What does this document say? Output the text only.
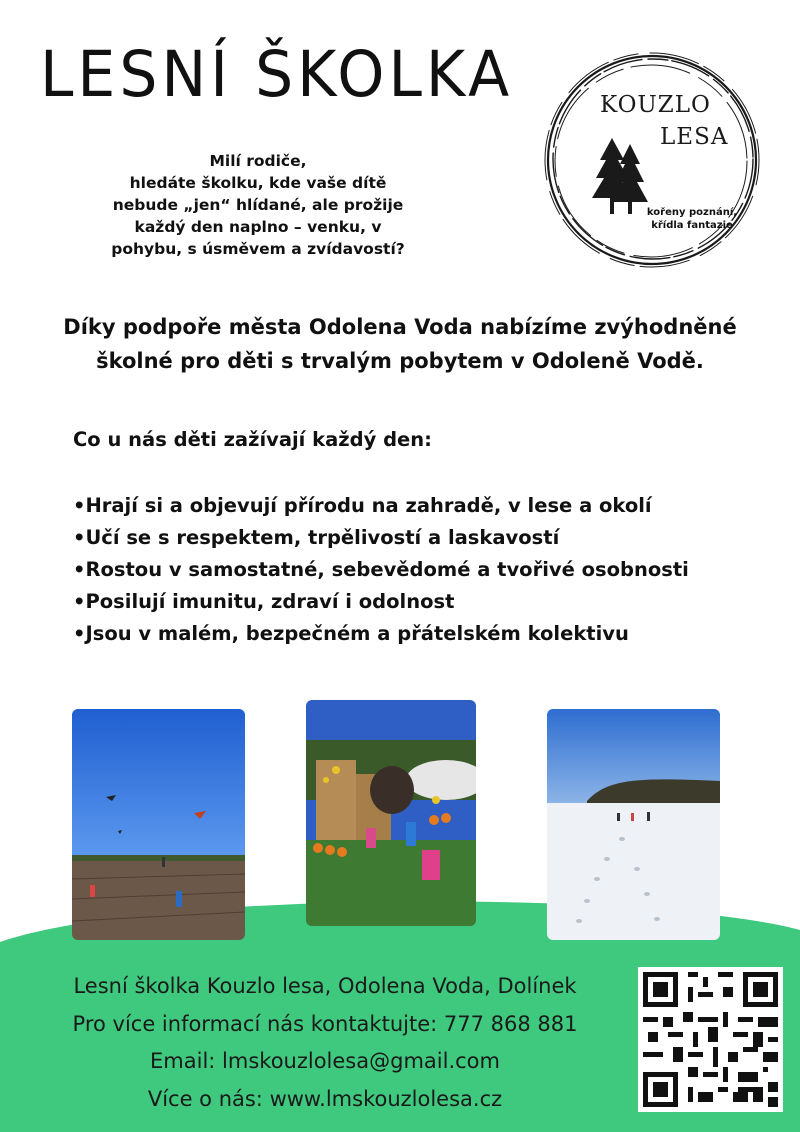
LESNÍ ŠKOLKA
Milí rodiče,
hledáte školku, kde vaše dítě
nebude „jen“ hlídané, ale prožije
každý den naplno – venku, v
pohybu, s úsměvem a zvídavostí?
KOUZLO
LESA
kořeny poznání,
křídla fantazie
Díky podpoře města Odolena Voda nabízíme zvýhodněné
školné pro děti s trvalým pobytem v Odoleně Vodě.
Co u nás děti zažívají každý den:
•Hrají si a objevují přírodu na zahradě, v lese a okolí
•Učí se s respektem, trpělivostí a laskavostí
•Rostou v samostatné, sebevědomé a tvořivé osobnosti
•Posilují imunitu, zdraví i odolnost
•Jsou v malém, bezpečném a přátelském kolektivu
Lesní školka Kouzlo lesa, Odolena Voda, Dolínek
Pro více informací nás kontaktujte: 777 868 881
Email: lmskouzlolesa@gmail.com
Více o nás: www.lmskouzlolesa.cz
